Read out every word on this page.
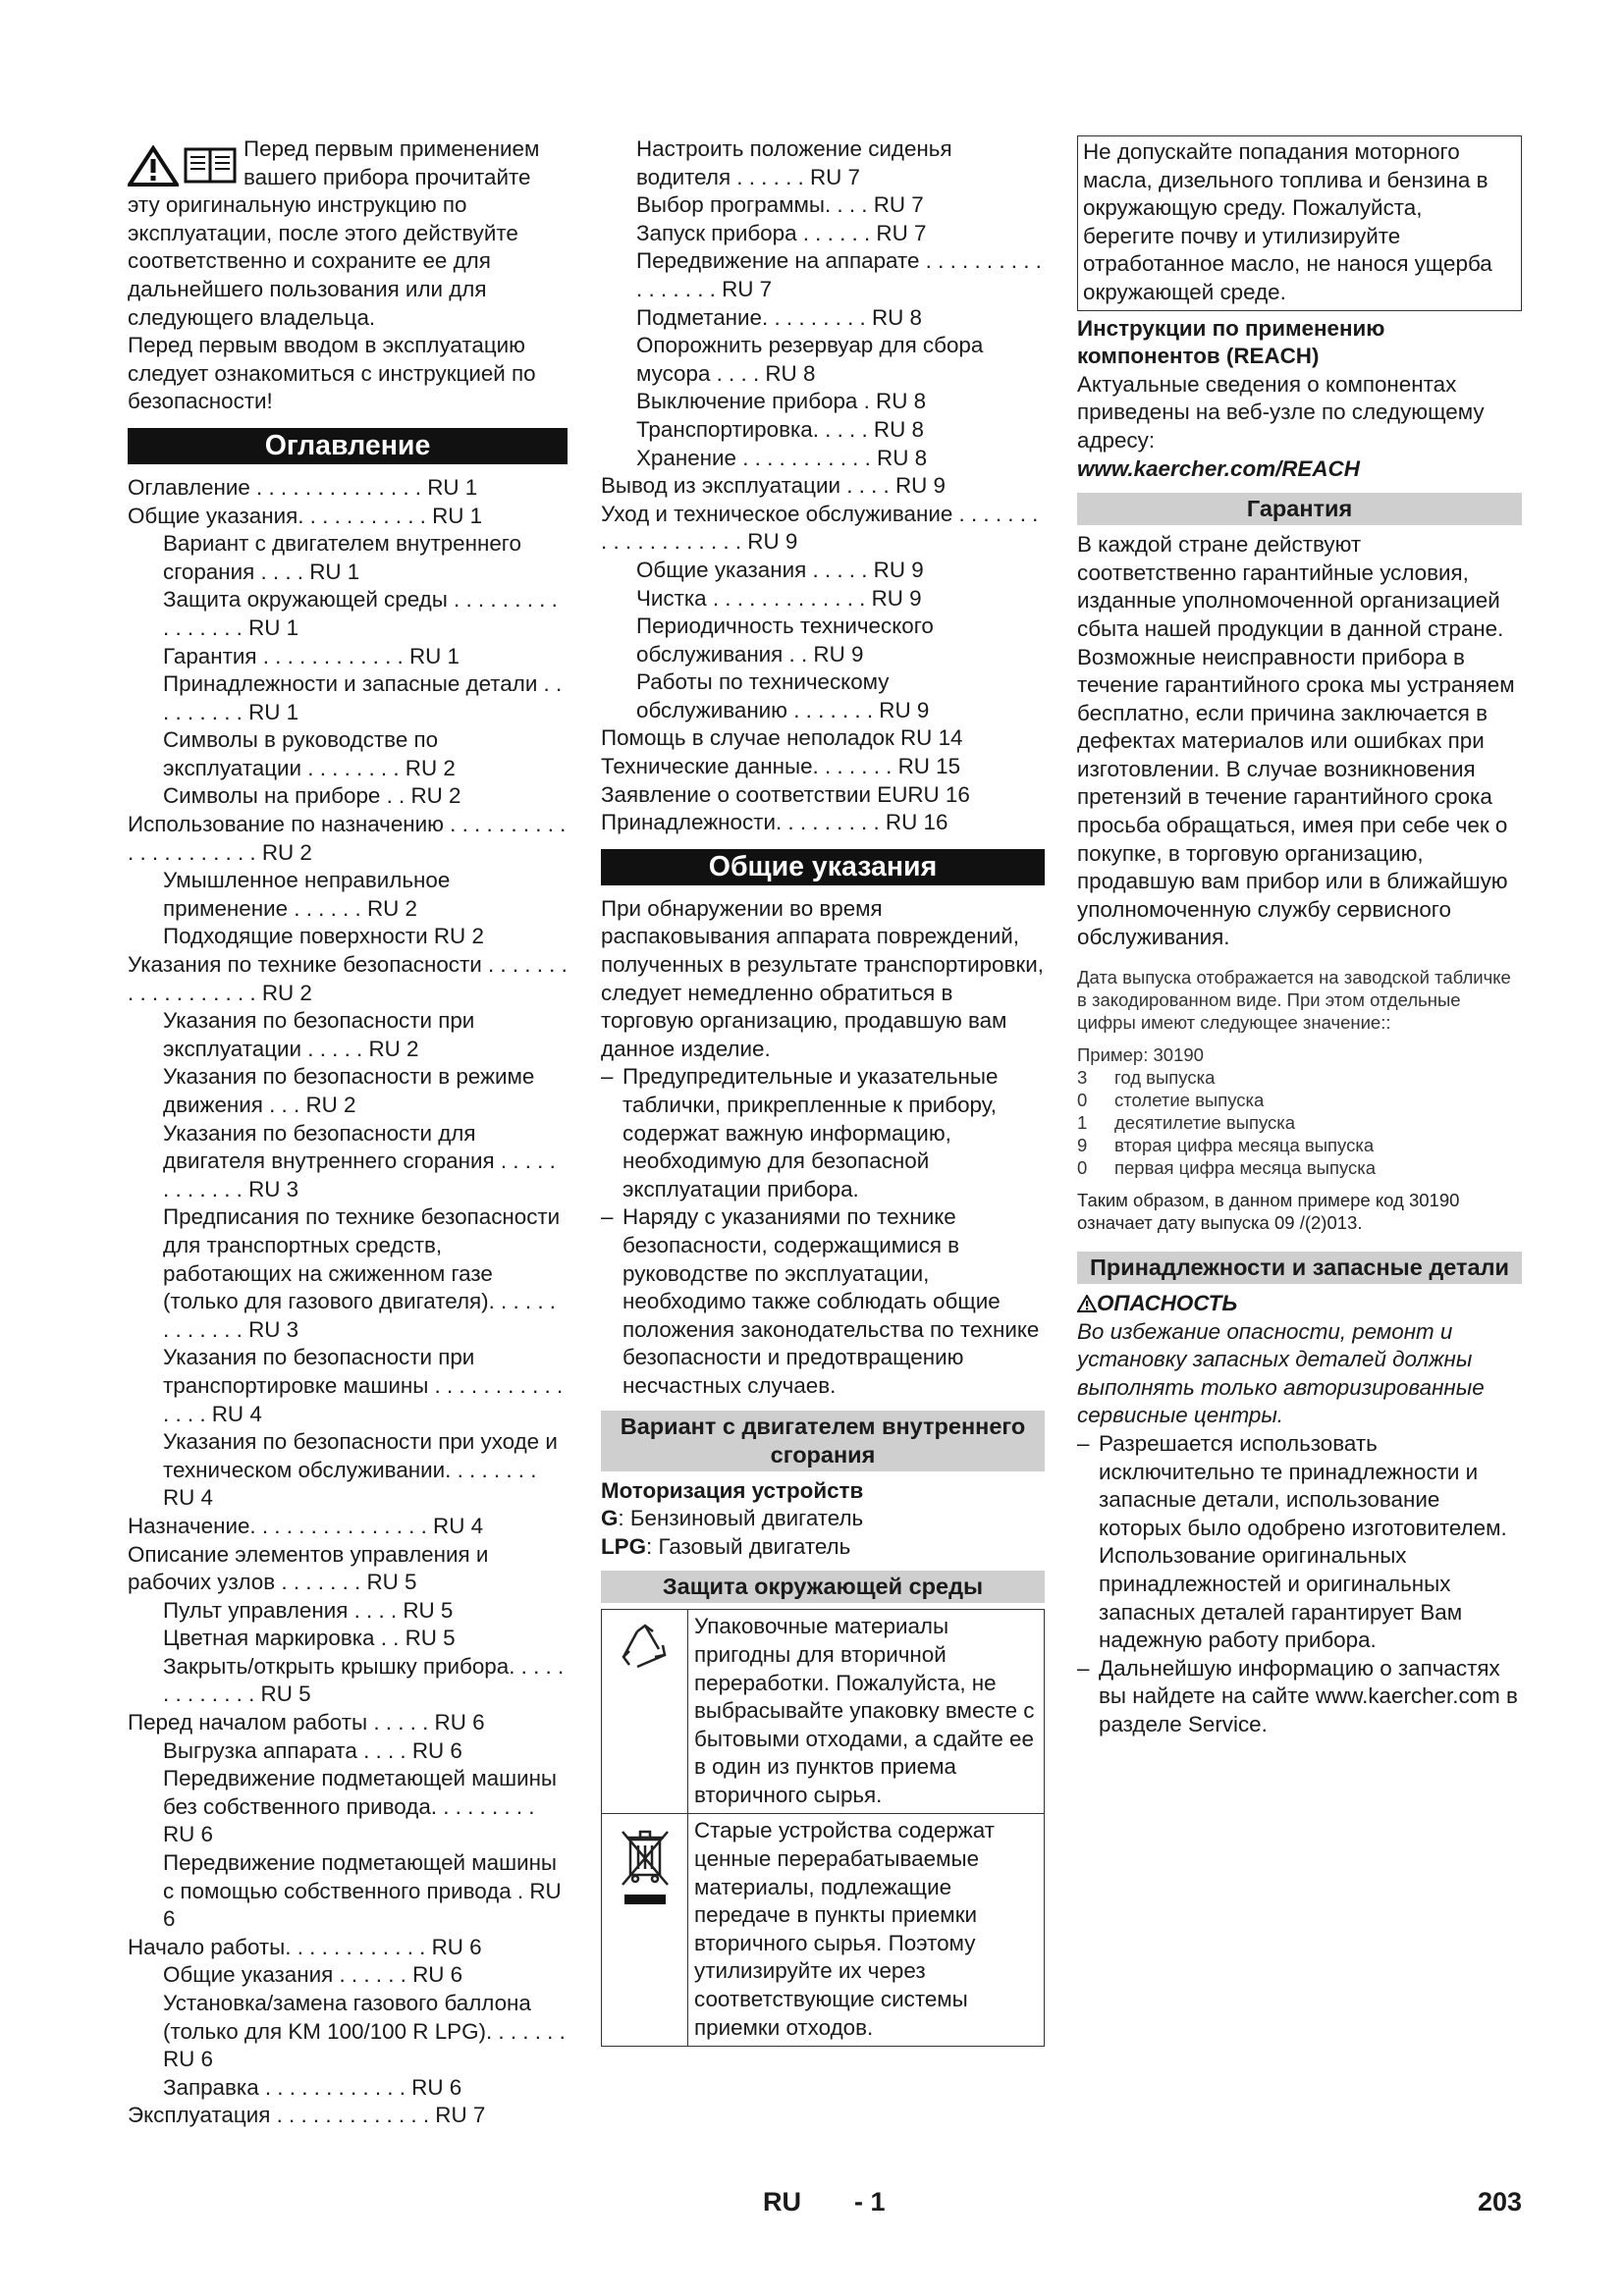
Перед первым применением

вашего прибора прочитайте

эту оригинальную инструкцию по эксплуатации, после этого действуйте соответственно и сохраните ее для дальнейшего пользования или для следующего владельца.

Перед первым вводом в эксплуатацию следует ознакомиться с инструкцией по безопасности!

Оглавление
Оглавление . . . . . . . . . . . . . . RU 1
Общие указания. . . . . . . . . . . RU 1
Вариант с двигателем внутреннего сгорания . . . . RU 1
Защита окружающей среды . . . . . . . . . . . . . . . . RU 1
Гарантия . . . . . . . . . . . . RU 1
Принадлежности и запасные детали . . . . . . . . . RU 1
Символы в руководстве по эксплуатации . . . . . . . . RU 2
Символы на приборе . . RU 2
Использование по назначению . . . . . . . . . . . . . . . . . . . . . RU 2
Умышленное неправильное применение . . . . . . RU 2
Подходящие поверхности RU 2
Указания по технике безопасности . . . . . . . . . . . . . . . . . . RU 2
Указания по безопасности при эксплуатации . . . . . RU 2
Указания по безопасности в режиме движения . . . RU 2
Указания по безопасности для двигателя внутреннего сгорания . . . . . . . . . . . . RU 3
Предписания по технике безопасности для транспортных средств, работающих на сжиженном газе (только для газового двигателя). . . . . . . . . . . . . RU 3
Указания по безопасности при транспортировке машины . . . . . . . . . . . . . . . RU 4
Указания по безопасности при уходе и техническом обслуживании. . . . . . . . RU 4
Назначение. . . . . . . . . . . . . . . RU 4
Описание элементов управления и рабочих узлов . . . . . . . RU 5
Пульт управления . . . . RU 5
Цветная маркировка . . RU 5
Закрыть/открыть крышку прибора. . . . . . . . . . . . . RU 5
Перед началом работы . . . . . RU 6
Выгрузка аппарата . . . . RU 6
Передвижение подметающей машины без собственного привода. . . . . . . . . RU 6
Передвижение подметающей машины с помощью собственного привода . RU 6
Начало работы. . . . . . . . . . . . RU 6
Общие указания . . . . . . RU 6
Установка/замена газового баллона (только для KM 100/100 R LPG). . . . . . . RU 6
Заправка . . . . . . . . . . . . RU 6
Эксплуатация . . . . . . . . . . . . . RU 7
Настроить положение сиденья водителя . . . . . . RU 7
Выбор программы. . . . RU 7
Запуск прибора . . . . . . RU 7
Передвижение на аппарате . . . . . . . . . . . . . . . . . RU 7
Подметание. . . . . . . . . RU 8
Опорожнить резервуар для сбора мусора . . . . RU 8
Выключение прибора . RU 8
Транспортировка. . . . . RU 8
Хранение . . . . . . . . . . . RU 8
Вывод из эксплуатации . . . . RU 9
Уход и техническое обслуживание . . . . . . . . . . . . . . . . . . . RU 9
Общие указания . . . . . RU 9
Чистка . . . . . . . . . . . . . RU 9
Периодичность технического обслуживания . . RU 9
Работы по техническому обслуживанию . . . . . . . RU 9
Помощь в случае неполадок RU 14
Технические данные. . . . . . . RU 15
Заявление о соответствии EURU 16
Принадлежности. . . . . . . . . RU 16
Общие указания

При обнаружении во время распаковывания аппарата повреждений, полученных в результате транспортировки, следует немедленно обратиться в торговую организацию, продавшую вам данное изделие.

– Предупредительные и указательные таблички, прикрепленные к прибору, содержат важную информацию, необходимую для безопасной эксплуатации прибора.
– Наряду с указаниями по технике безопасности, содержащимися в руководстве по эксплуатации, необходимо также соблюдать общие положения законодательства по технике безопасности и предотвращению несчастных случаев.
Вариант с двигателем внутреннего сгорания

Моторизация устройств

G: Бензиновый двигатель

LPG: Газовый двигатель

Защита окружающей среды
	Упаковочные материалы пригодны для вторичной переработки. Пожалуйста, не выбрасывайте упаковку вместе с бытовыми отходами, а сдайте ее в один из пунктов приема вторичного сырья.
	Старые устройства содержат ценные перерабатываемые материалы, подлежащие передаче в пункты приемки вторичного сырья. Поэтому утилизируйте их через соответствующие системы приемки отходов.
Не допускайте попадания моторного масла, дизельного топлива и бензина в окружающую среду. Пожалуйста, берегите почву и утилизируйте отработанное масло, не нанося ущерба окружающей среде.

Инструкции по применению компонентов (REACH)

Актуальные сведения о компонентах приведены на веб-узле по следующему адресу:

www.kaercher.com/REACH

Гарантия

В каждой стране действуют соответственно гарантийные условия, изданные уполномоченной организацией сбыта нашей продукции в данной стране. Возможные неисправности прибора в течение гарантийного срока мы устраняем бесплатно, если причина заключается в дефектах материалов или ошибках при изготовлении. В случае возникновения претензий в течение гарантийного срока просьба обращаться, имея при себе чек о покупке, в торговую организацию, продавшую вам прибор или в ближайшую уполномоченную службу сервисного обслуживания.

Дата выпуска отображается на заводской табличке в закодированном виде. При этом отдельные цифры имеют следующее значение::
Пример: 30190
3	год выпуска
0	столетие выпуска
1	десятилетие выпуска
9	вторая цифра месяца выпуска
0	первая цифра месяца выпуска
Таким образом, в данном примере код 30190 означает дату выпуска 09 /(2)013.
Принадлежности и запасные детали

ОПАСНОСТЬ

Во избежание опасности, ремонт и установку запасных деталей должны выполнять только авторизированные сервисные центры.

– Разрешается использовать исключительно те принадлежности и запасные детали, использование которых было одобрено изготовителем. Использование оригинальных принадлежностей и оригинальных запасных деталей гарантирует Вам надежную работу прибора.
– Дальнейшую информацию о запчастях вы найдете на сайте www.kaercher.com в разделе Service.
RU - 1	203
